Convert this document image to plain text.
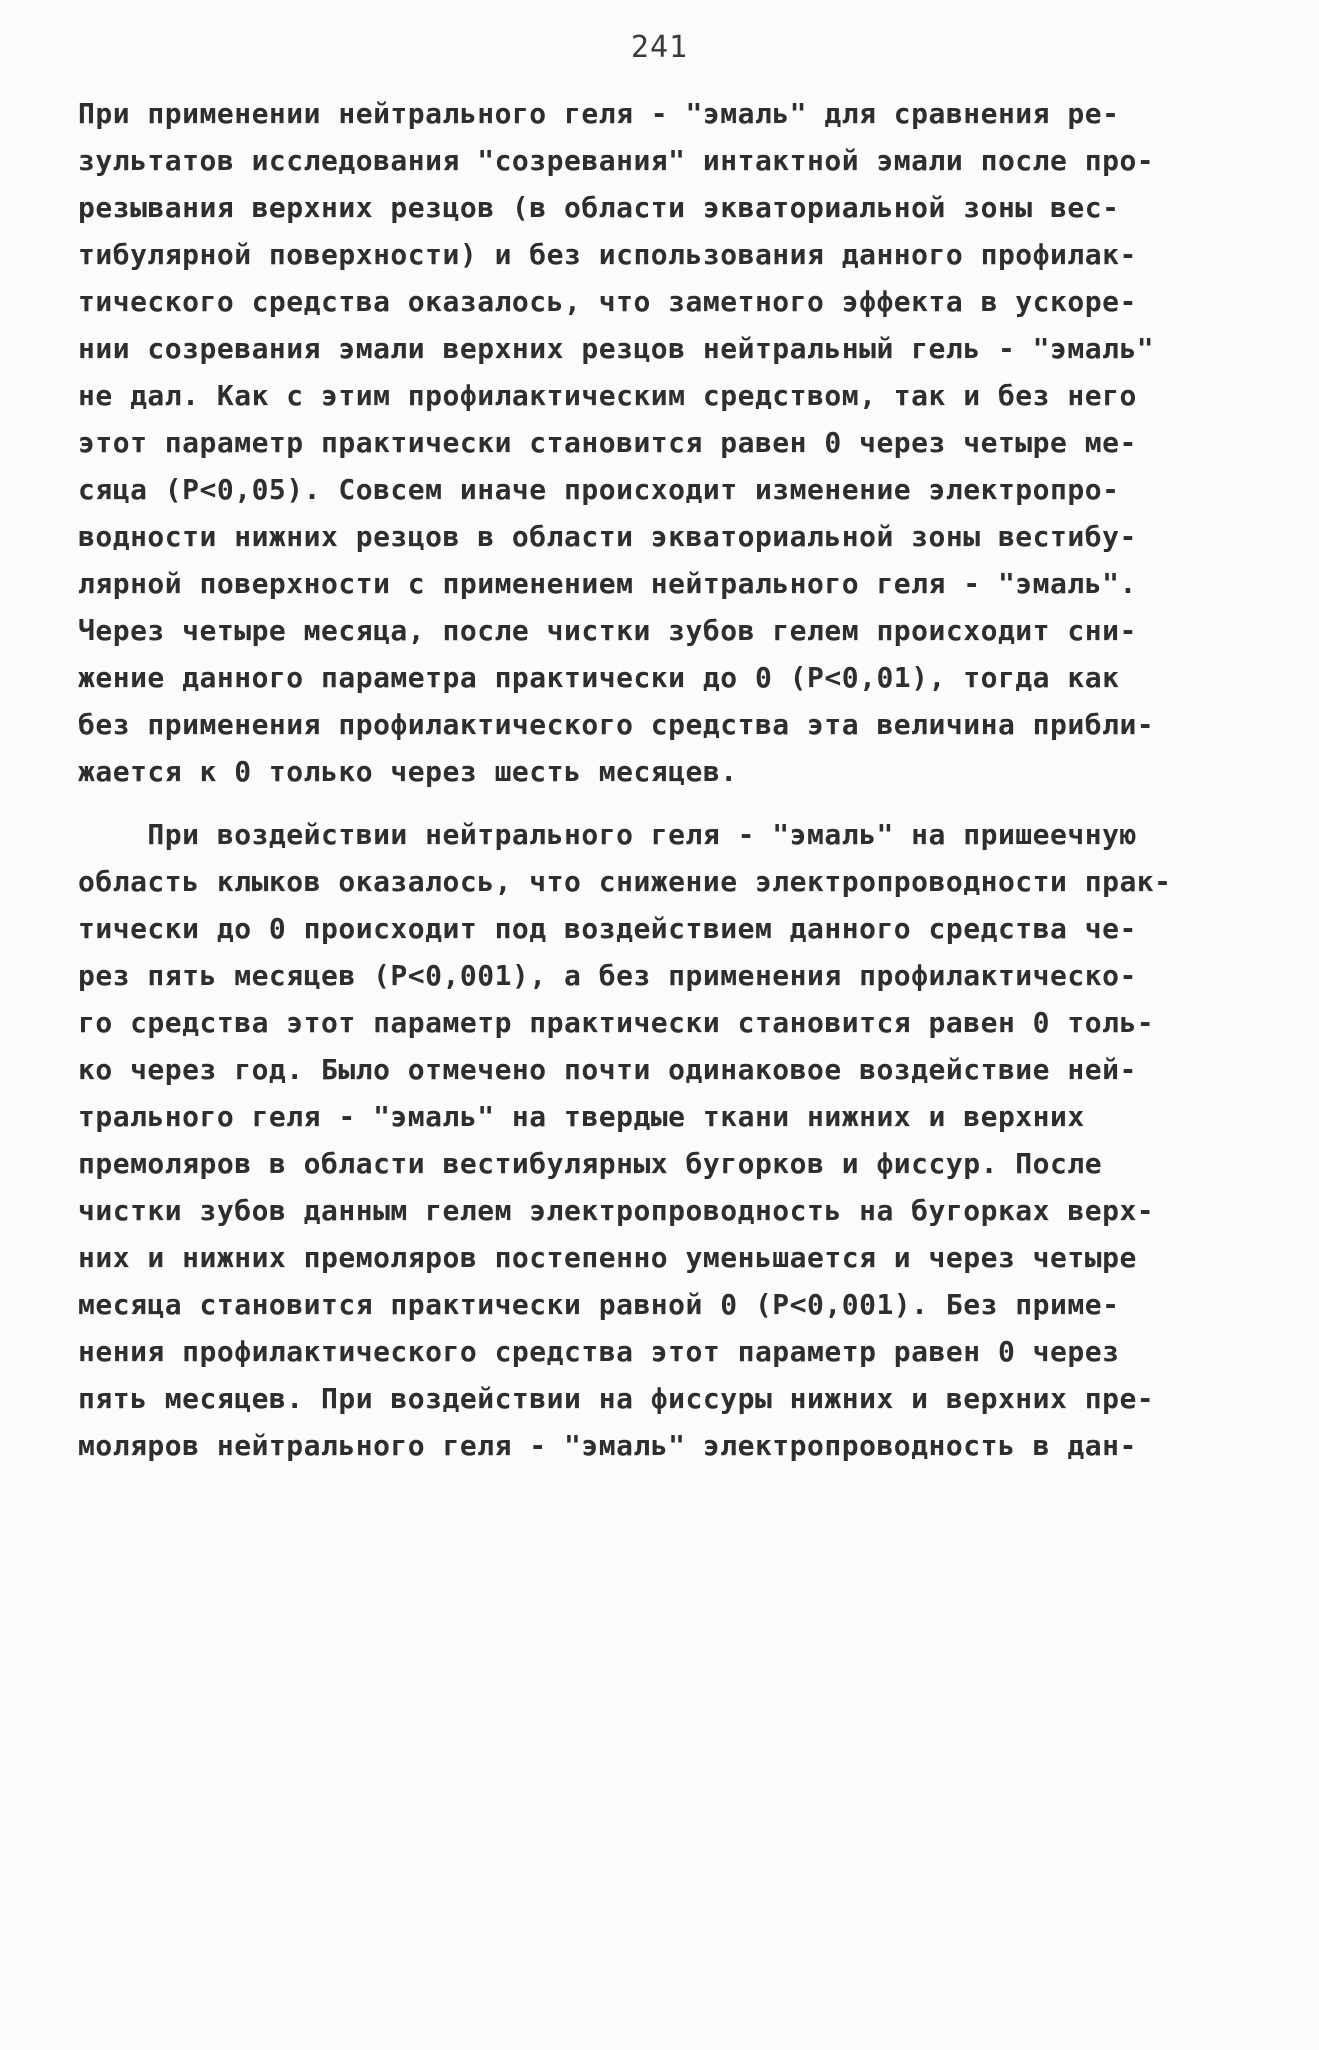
241
При применении нейтрального геля - "эмаль" для сравнения ре-
зультатов исследования "созревания" интактной эмали после про-
резывания верхних резцов (в области экваториальной зоны вес-
тибулярной поверхности) и без использования данного профилак-
тического средства оказалось, что заметного эффекта в ускоре-
нии созревания эмали верхних резцов нейтральный гель - "эмаль"
не дал. Как с этим профилактическим средством, так и без него
этот параметр практически становится равен 0 через четыре ме-
сяца (P<0,05). Совсем иначе происходит изменение электропро-
водности нижних резцов в области экваториальной зоны вестибу-
лярной поверхности с применением нейтрального геля - "эмаль".
Через четыре месяца, после чистки зубов гелем происходит сни-
жение данного параметра практически до 0 (P<0,01), тогда как
без применения профилактического средства эта величина прибли-
жается к 0 только через шесть месяцев.
При воздействии нейтрального геля - "эмаль" на пришеечную
область клыков оказалось, что снижение электропроводности прак-
тически до 0 происходит под воздействием данного средства че-
рез пять месяцев (P<0,001), а без применения профилактическо-
го средства этот параметр практически становится равен 0 толь-
ко через год. Было отмечено почти одинаковое воздействие ней-
трального геля - "эмаль" на твердые ткани нижних и верхних
премоляров в области вестибулярных бугорков и фиссур. После
чистки зубов данным гелем электропроводность на бугорках верх-
них и нижних премоляров постепенно уменьшается и через четыре
месяца становится практически равной 0 (P<0,001). Без приме-
нения профилактического средства этот параметр равен 0 через
пять месяцев. При воздействии на фиссуры нижних и верхних пре-
моляров нейтрального геля - "эмаль" электропроводность в дан-
